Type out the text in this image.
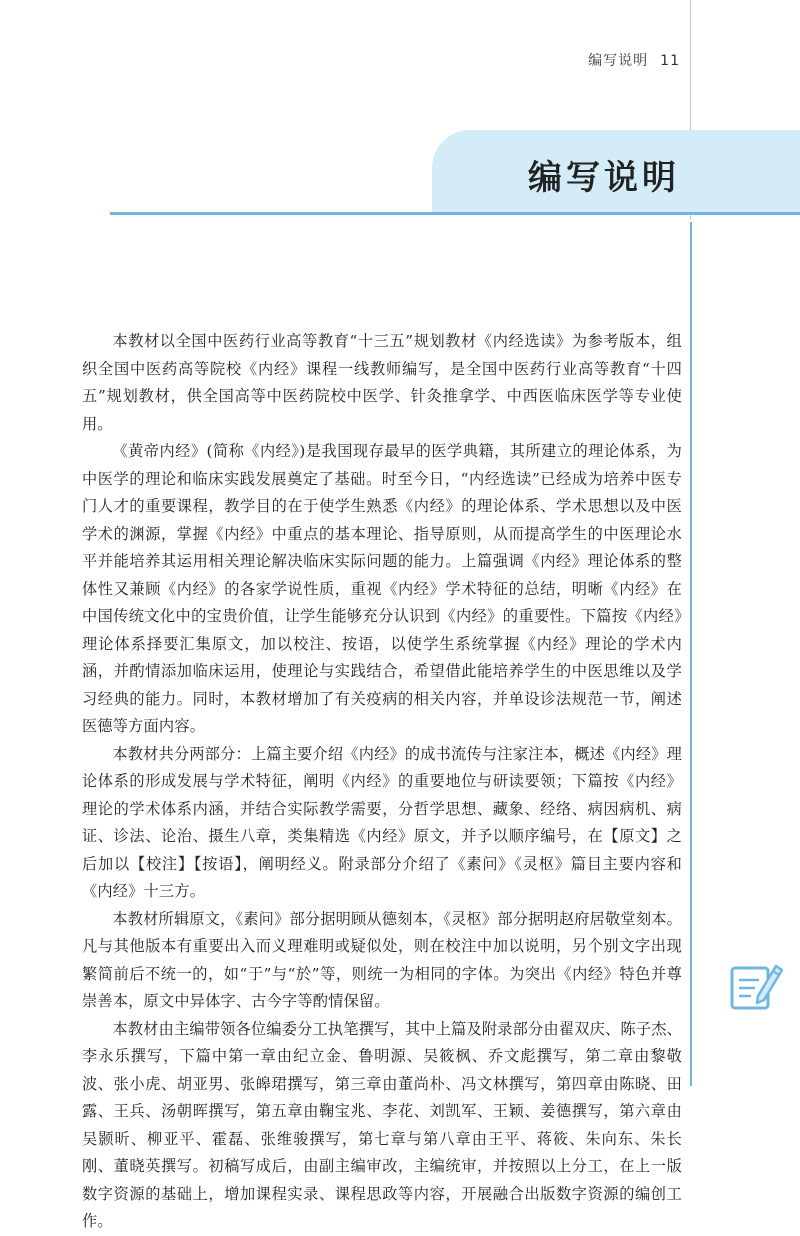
编写说明 11
编写说明

本教材以全国中医药行业高等教育“十三五”规划教材《内经选读》为参考版本，组织全国中医药高等院校《内经》课程一线教师编写，是全国中医药行业高等教育“十四五”规划教材，供全国高等中医药院校中医学、针灸推拿学、中西医临床医学等专业使用。

《黄帝内经》(简称《内经》)是我国现存最早的医学典籍，其所建立的理论体系，为中医学的理论和临床实践发展奠定了基础。时至今日，“内经选读”已经成为培养中医专门人才的重要课程，教学目的在于使学生熟悉《内经》的理论体系、学术思想以及中医学术的渊源，掌握《内经》中重点的基本理论、指导原则，从而提高学生的中医理论水平并能培养其运用相关理论解决临床实际问题的能力。上篇强调《内经》理论体系的整体性又兼顾《内经》的各家学说性质，重视《内经》学术特征的总结，明晰《内经》在中国传统文化中的宝贵价值，让学生能够充分认识到《内经》的重要性。下篇按《内经》理论体系择要汇集原文，加以校注、按语，以使学生系统掌握《内经》理论的学术内涵，并酌情添加临床运用，使理论与实践结合，希望借此能培养学生的中医思维以及学习经典的能力。同时，本教材增加了有关疫病的相关内容，并单设诊法规范一节，阐述医德等方面内容。

本教材共分两部分：上篇主要介绍《内经》的成书流传与注家注本，概述《内经》理论体系的形成发展与学术特征，阐明《内经》的重要地位与研读要领；下篇按《内经》理论的学术体系内涵，并结合实际教学需要，分哲学思想、藏象、经络、病因病机、病证、诊法、论治、摄生八章，类集精选《内经》原文，并予以顺序编号，在【原文】之后加以【校注】【按语】，阐明经义。附录部分介绍了《素问》《灵枢》篇目主要内容和《内经》十三方。

本教材所辑原文，《素问》部分据明顾从德刻本，《灵枢》部分据明赵府居敬堂刻本。凡与其他版本有重要出入而义理难明或疑似处，则在校注中加以说明，另个别文字出现繁简前后不统一的，如“于”与“於”等，则统一为相同的字体。为突出《内经》特色并尊崇善本，原文中异体字、古今字等酌情保留。

本教材由主编带领各位编委分工执笔撰写，其中上篇及附录部分由翟双庆、陈子杰、李永乐撰写，下篇中第一章由纪立金、鲁明源、吴筱枫、乔文彪撰写，第二章由黎敬波、张小虎、胡亚男、张皞珺撰写，第三章由董尚朴、冯文林撰写，第四章由陈晓、田露、王兵、汤朝晖撰写，第五章由鞠宝兆、李花、刘凯军、王颖、姜德撰写，第六章由吴颢昕、柳亚平、霍磊、张维骏撰写，第七章与第八章由王平、蒋筱、朱向东、朱长刚、董晓英撰写。初稿写成后，由副主编审改，主编统审，并按照以上分工，在上一版数字资源的基础上，增加课程实录、课程思政等内容，开展融合出版数字资源的编创工作。
